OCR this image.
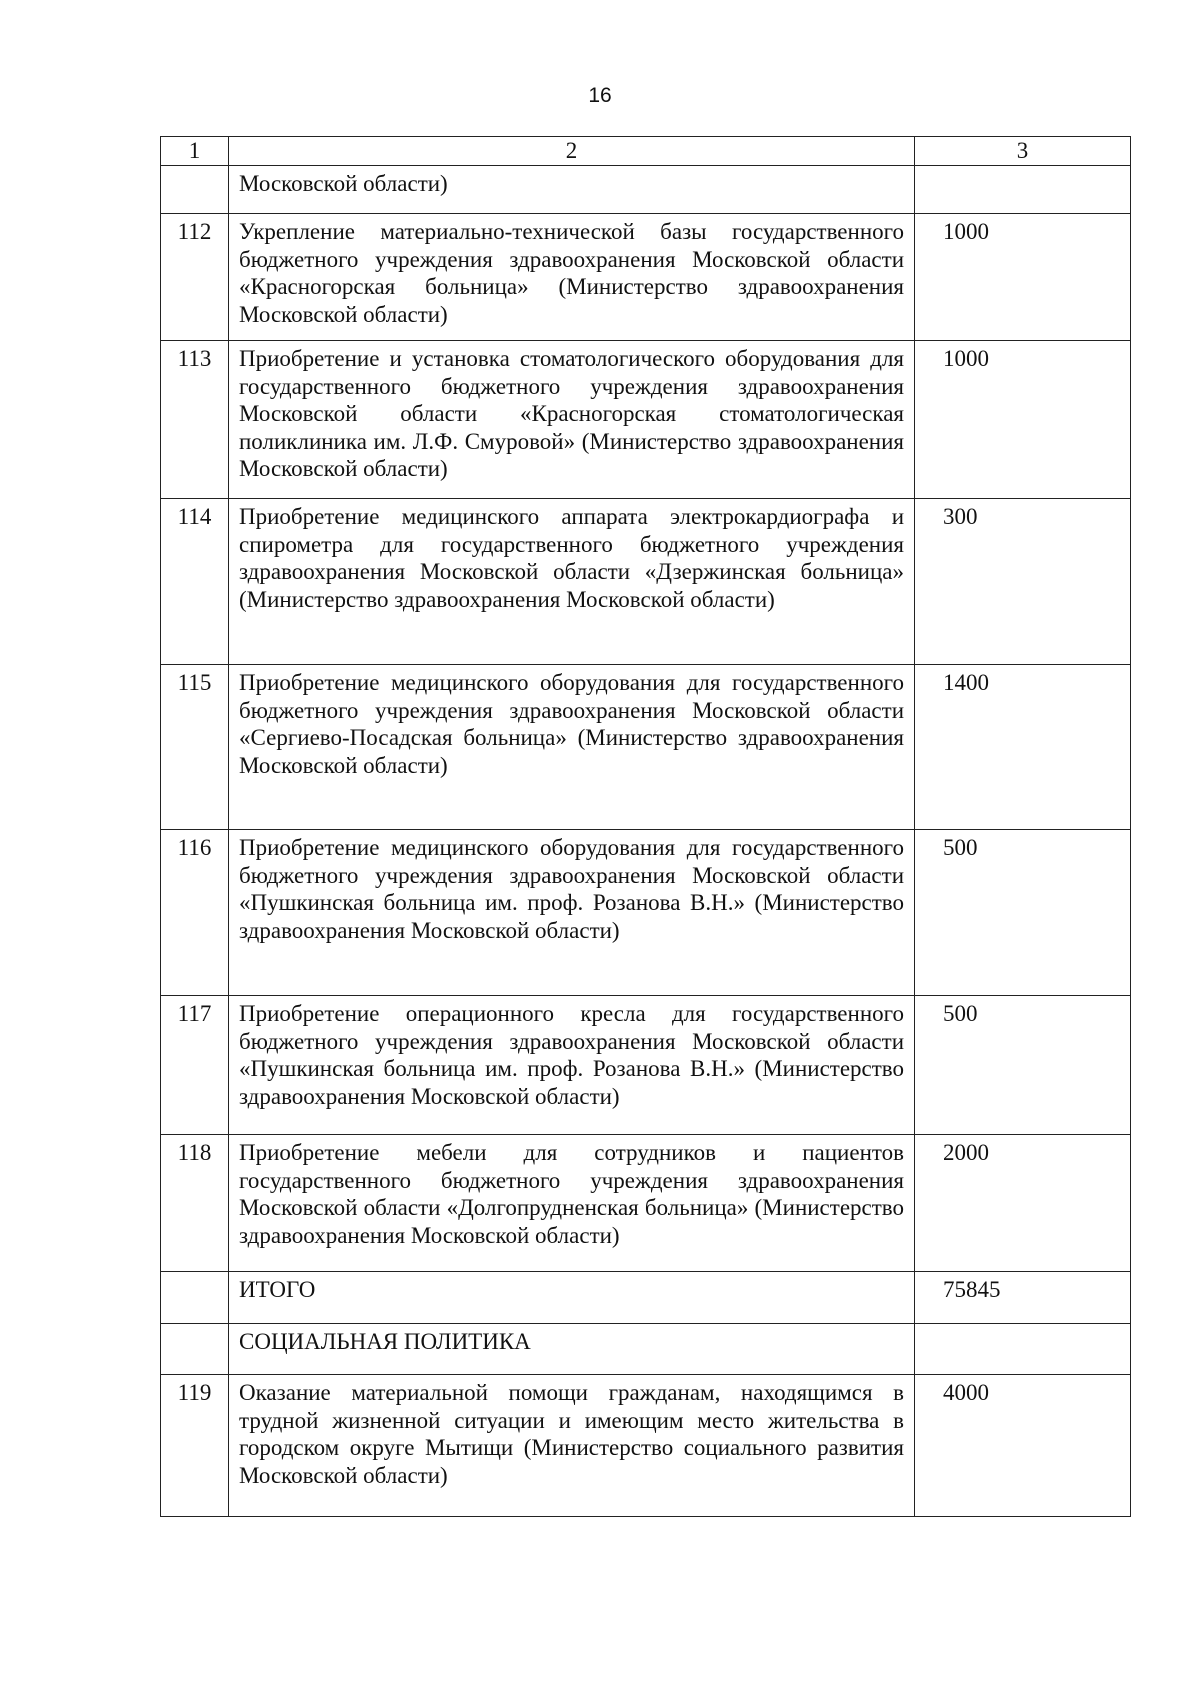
16
1	2	3
	Московской области)	
112	Укрепление материально-технической базы государственного бюджетного учреждения здравоохранения Московской области «Красногорская больница» (Министерство здравоохранения Московской области)	1000
113	Приобретение и установка стоматологического оборудования для государственного бюджетного учреждения здравоохранения Московской области «Красногорская стоматологическая поликлиника им. Л.Ф. Смуровой» (Министерство здравоохранения Московской области)	1000
114	Приобретение медицинского аппарата электрокардиографа и спирометра для государственного бюджетного учреждения здравоохранения Московской области «Дзержинская больница» (Министерство здравоохранения Московской области)	300
115	Приобретение медицинского оборудования для государственного бюджетного учреждения здравоохранения Московской области «Сергиево-Посадская больница» (Министерство здравоохранения Московской области)	1400
116	Приобретение медицинского оборудования для государственного бюджетного учреждения здравоохранения Московской области «Пушкинская больница им. проф. Розанова В.Н.» (Министерство здравоохранения Московской области)	500
117	Приобретение операционного кресла для государственного бюджетного учреждения здравоохранения Московской области «Пушкинская больница им. проф. Розанова В.Н.» (Министерство здравоохранения Московской области)	500
118	Приобретение мебели для сотрудников и пациентов государственного бюджетного учреждения здравоохранения Московской области «Долгопрудненская больница» (Министерство здравоохранения Московской области)	2000
	ИТОГО	75845
	СОЦИАЛЬНАЯ ПОЛИТИКА	
119	Оказание материальной помощи гражданам, находящимся в трудной жизненной ситуации и имеющим место жительства в городском округе Мытищи (Министерство социального развития Московской области)	4000
